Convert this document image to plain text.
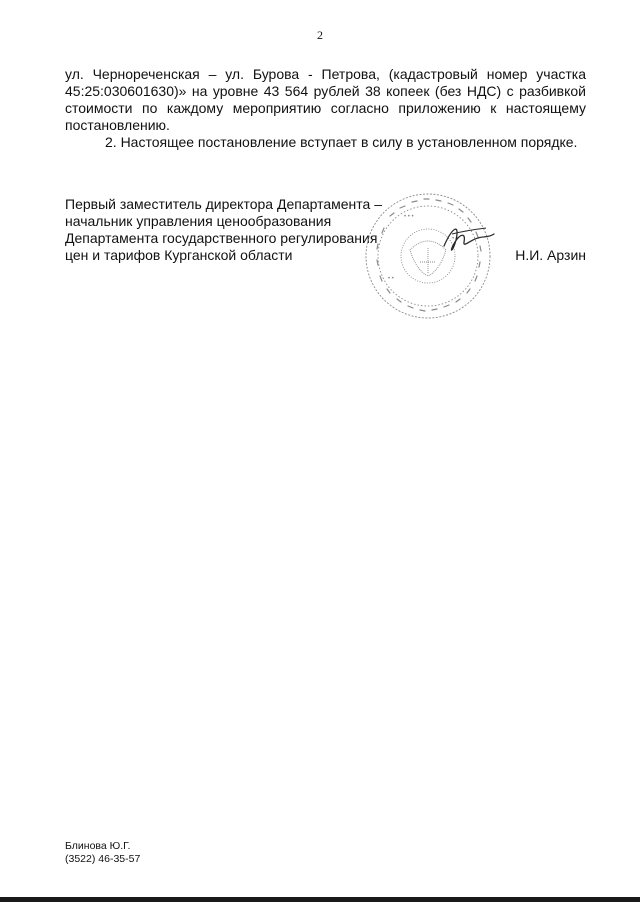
2

ул. Чернореченская – ул. Бурова - Петрова, (кадастровый номер участка 45:25:030601630)» на уровне 43 564 рублей 38 копеек (без НДС) с разбивкой стоимости по каждому мероприятию согласно приложению к настоящему постановлению.

2. Настоящее постановление вступает в силу в установленном порядке.

Первый заместитель директора Департамента –
начальник управления ценообразования
Департамента государственного регулирования
цен и тарифов Курганской области	Н.И. Арзин
• • •
• •
• •
Блинова Ю.Г.
(3522) 46-35-57
